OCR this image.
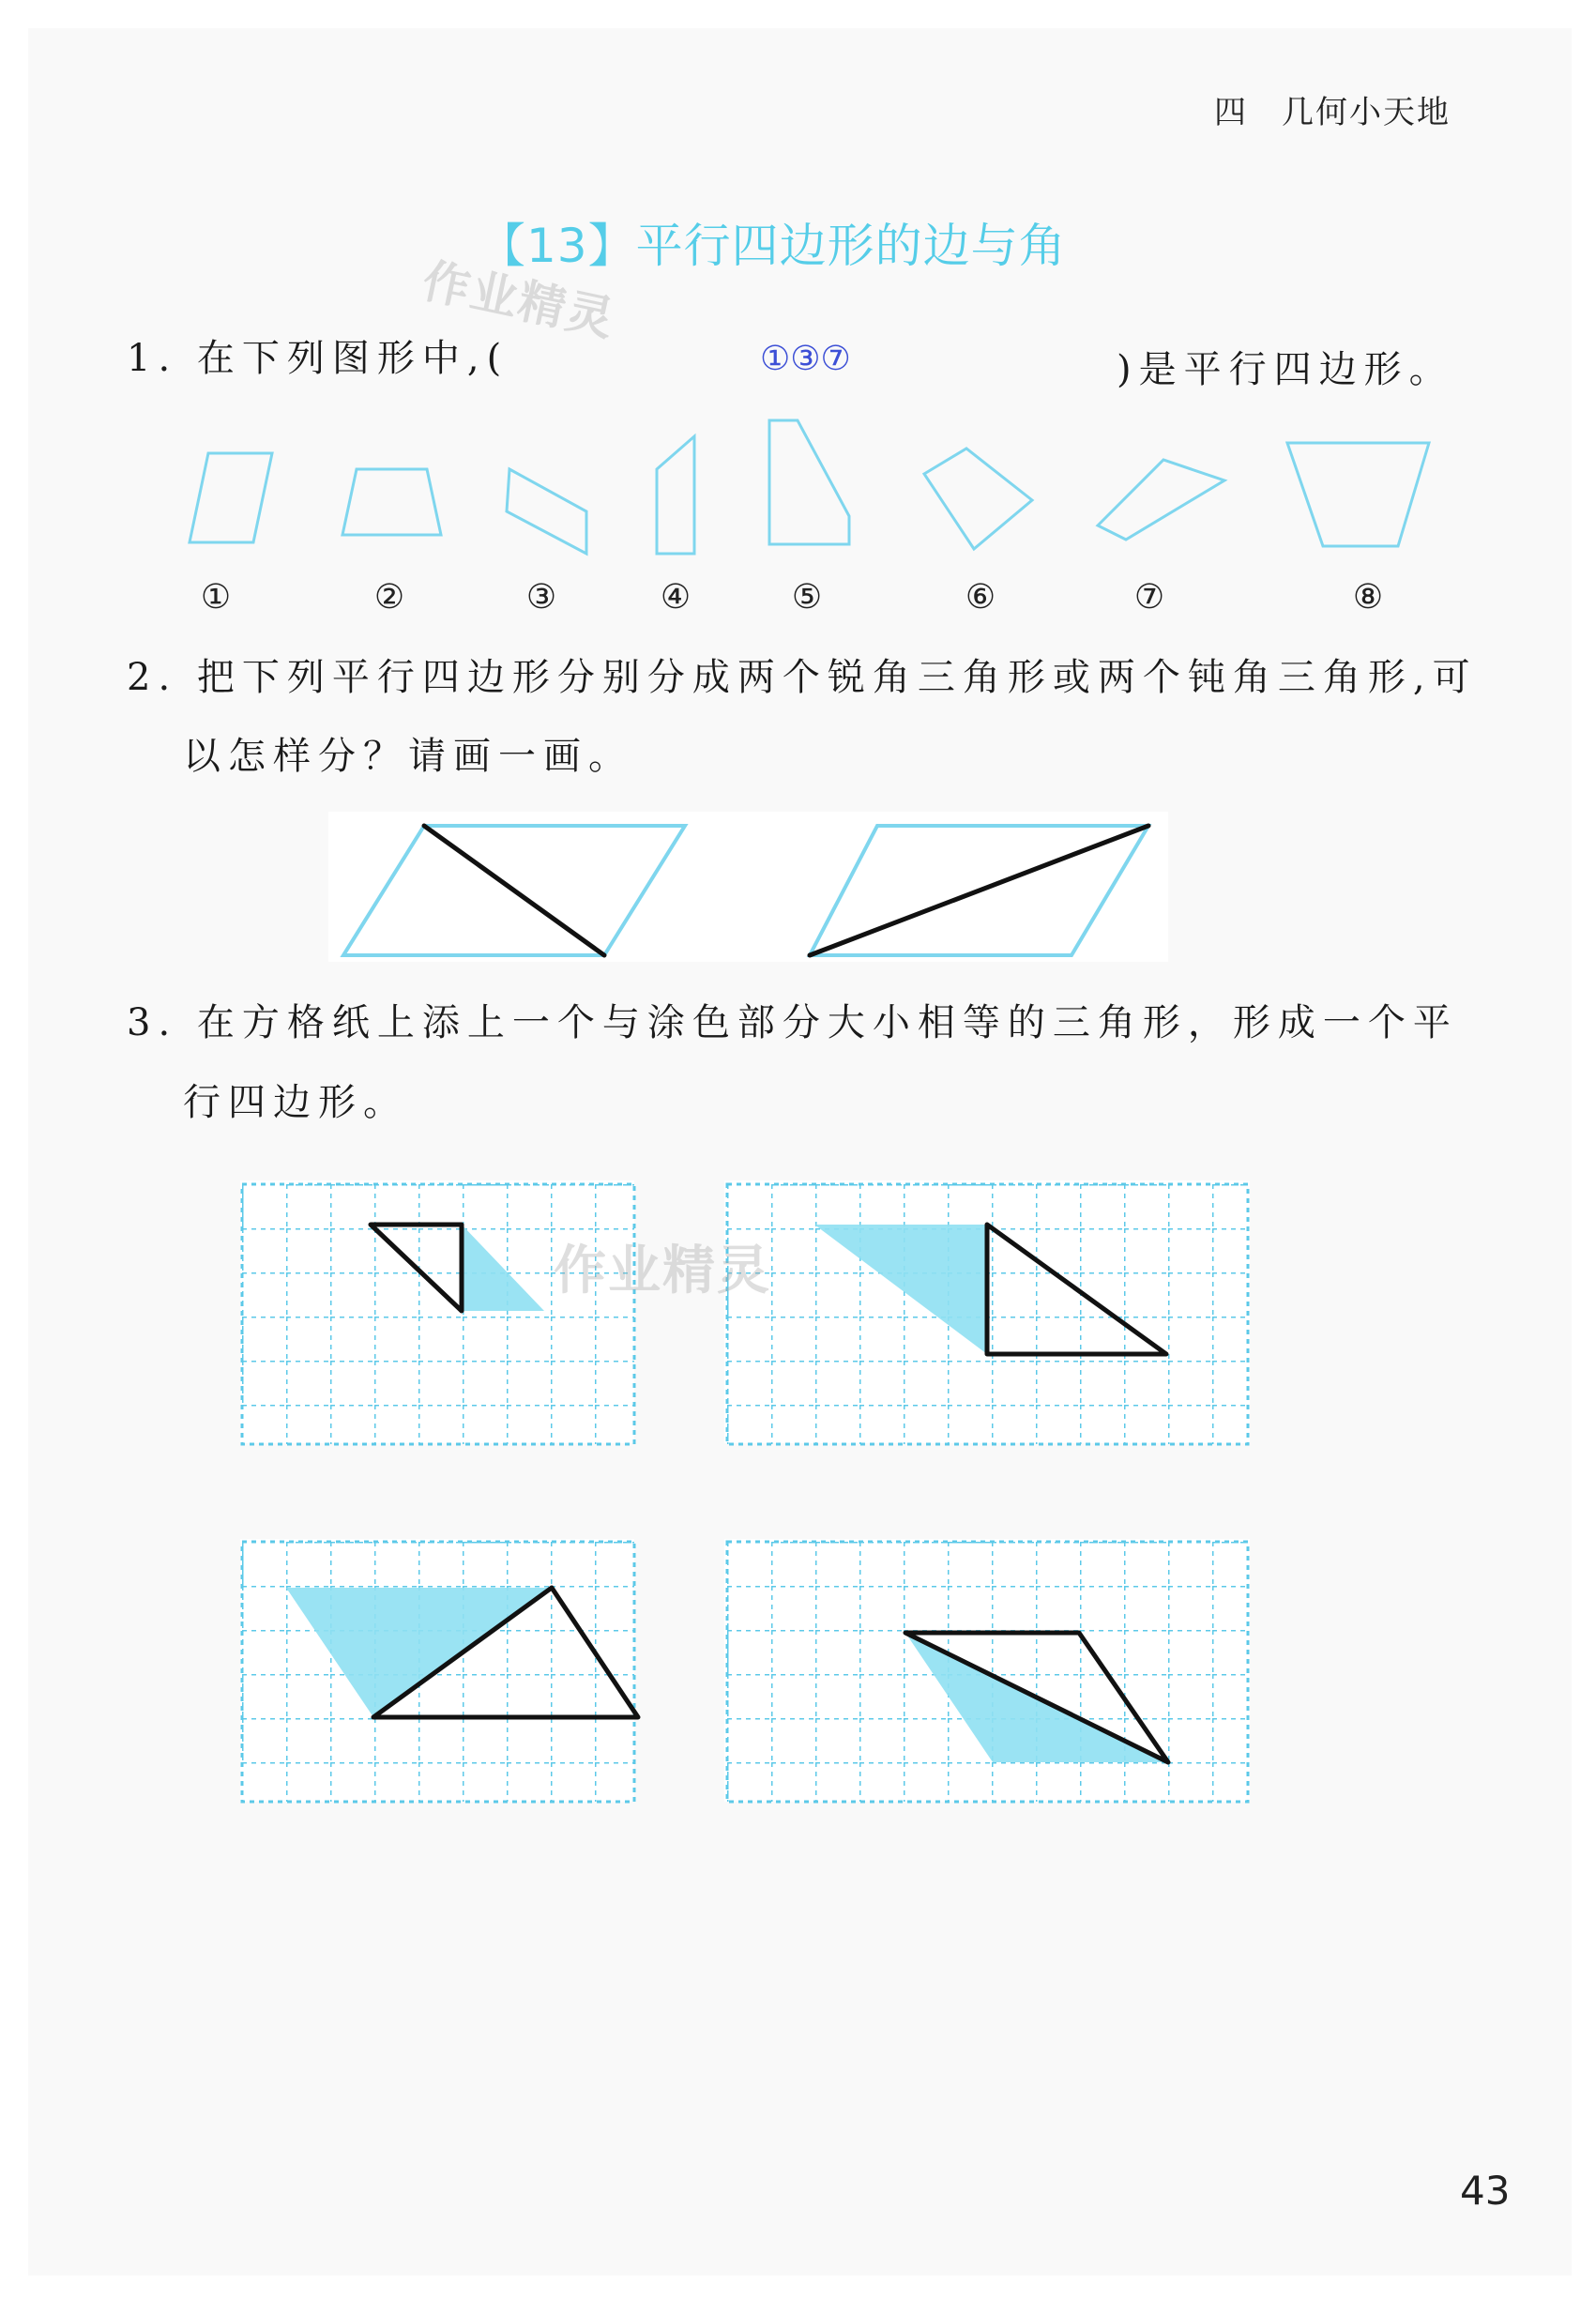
四 几何小天地
【13】平行四边形的边与角
作业精灵
1. 在下列图形中,(	①③⑦	)是平行四边形。
2. 把下列平行四边形分别分成两个锐角三角形或两个钝角三角形,可
以怎样分？请画一画。
3. 在方格纸上添上一个与涂色部分大小相等的三角形，形成一个平
行四边形。
①	②	③	④	⑤	⑥	⑦	⑧
作业精灵
43
